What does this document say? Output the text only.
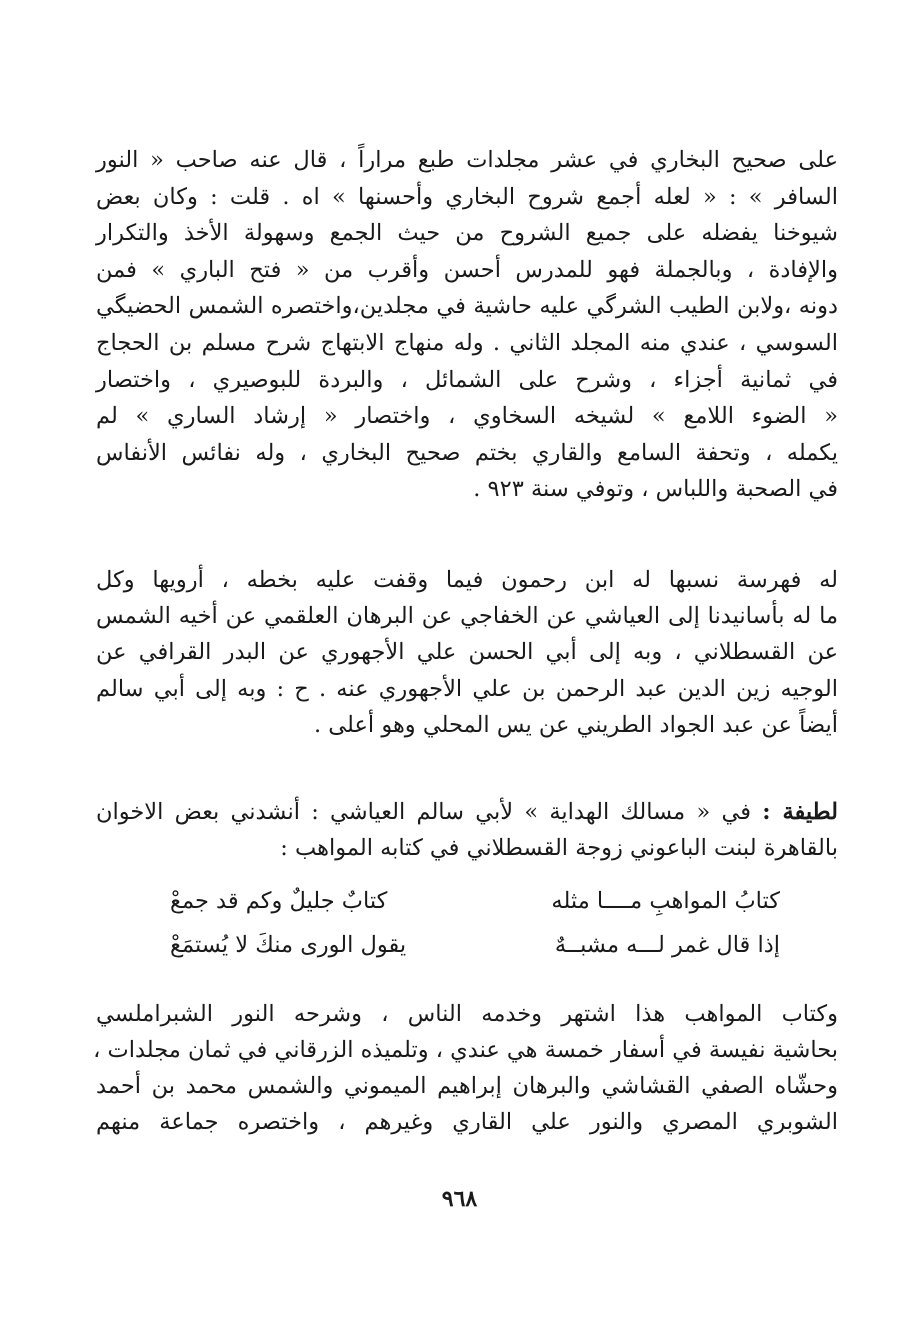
على صحيح البخاري في عشر مجلدات طبع مراراً ، قال عنه صاحب « النور
السافر » : « لعله أجمع شروح البخاري وأحسنها » اه . قلت : وكان بعض
شيوخنا يفضله على جميع الشروح من حيث الجمع وسهولة الأخذ والتكرار
والإفادة ، وبالجملة فهو للمدرس أحسن وأقرب من « فتح الباري » فمن
دونه ،ولابن الطيب الشرگي عليه حاشية في مجلدين،واختصره الشمس الحضيگي
السوسي ، عندي منه المجلد الثاني . وله منهاج الابتهاج شرح مسلم بن الحجاج
في ثمانية أجزاء ، وشرح على الشمائل ، والبردة للبوصيري ، واختصار
« الضوء اللامع » لشيخه السخاوي ، واختصار « إرشاد الساري » لم
يكمله ، وتحفة السامع والقاري بختم صحيح البخاري ، وله نفائس الأنفاس
في الصحبة واللباس ، وتوفي سنة ٩٢٣ .
له فهرسة نسبها له ابن رحمون فيما وقفت عليه بخطه ، أرويها وكل
ما له بأسانيدنا إلى العياشي عن الخفاجي عن البرهان العلقمي عن أخيه الشمس
عن القسطلاني ، وبه إلى أبي الحسن علي الأجهوري عن البدر القرافي عن
الوجيه زين الدين عبد الرحمن بن علي الأجهوري عنه . ح : وبه إلى أبي سالم
أيضاً عن عبد الجواد الطريني عن يس المحلي وهو أعلى .
لطيفة : في « مسالك الهداية » لأبي سالم العياشي : أنشدني بعض الاخوان
بالقاهرة لبنت الباعوني زوجة القسطلاني في كتابه المواهب :
كتابُ المواهبِ مــــا مثله
كتابٌ جليلٌ وكم قد جمعْ
إذا قال غمر لـــه مشبــهٌ
يقول الورى منكَ لا يُستمَعْ
وكتاب المواهب هذا اشتهر وخدمه الناس ، وشرحه النور الشبراملسي
بحاشية نفيسة في أسفار خمسة هي عندي ، وتلميذه الزرقاني في ثمان مجلدات ،
وحشّاه الصفي القشاشي والبرهان إبراهيم الميموني والشمس محمد بن أحمد
الشوبري المصري والنور علي القاري وغيرهم ، واختصره جماعة منهم
٩٦٨
